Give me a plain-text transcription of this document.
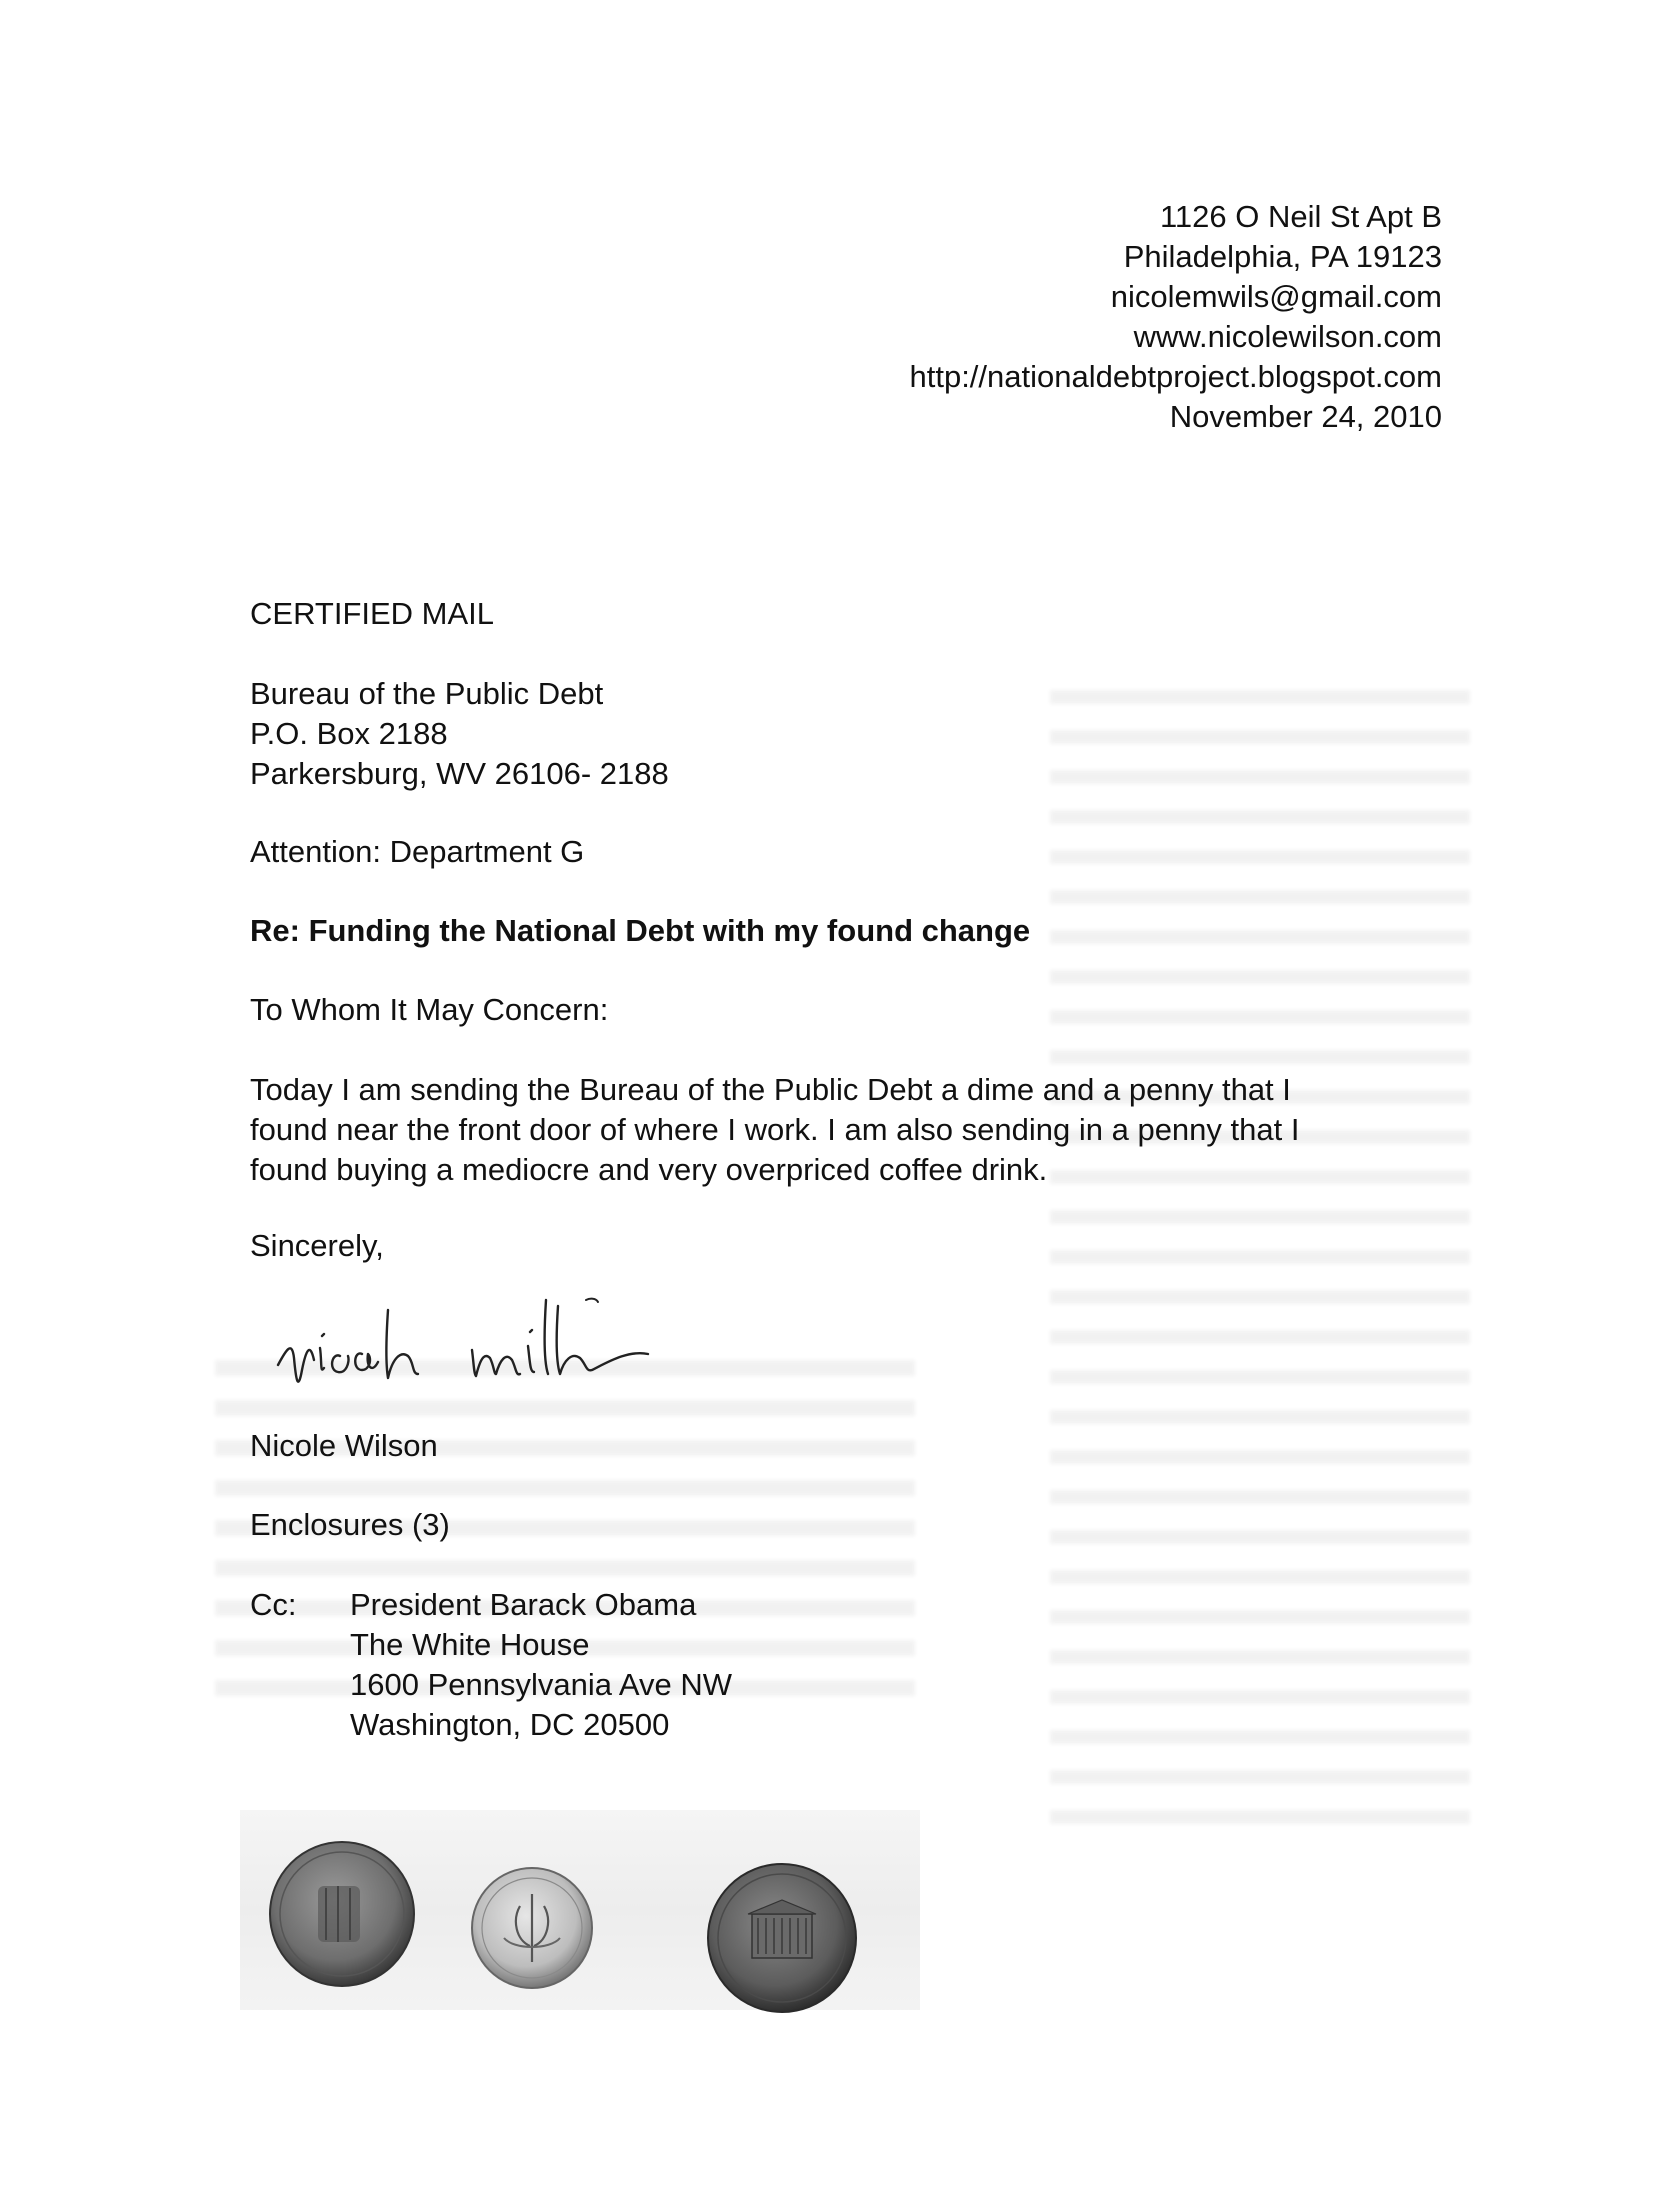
1126 O Neil St Apt B
Philadelphia, PA 19123
nicolemwils@gmail.com
www.nicolewilson.com
http://nationaldebtproject.blogspot.com
November 24, 2010
CERTIFIED MAIL
Bureau of the Public Debt
P.O. Box 2188
Parkersburg, WV 26106- 2188
Attention: Department G
Re: Funding the National Debt with my found change
To Whom It May Concern:
Today I am sending the Bureau of the Public Debt a dime and a penny that I
found near the front door of where I work. I am also sending in a penny that I
found buying a mediocre and very overpriced coffee drink.
Sincerely,
Nicole Wilson
Enclosures (3)
Cc: President Barack Obama
The White House
1600 Pennsylvania Ave NW
Washington, DC 20500
